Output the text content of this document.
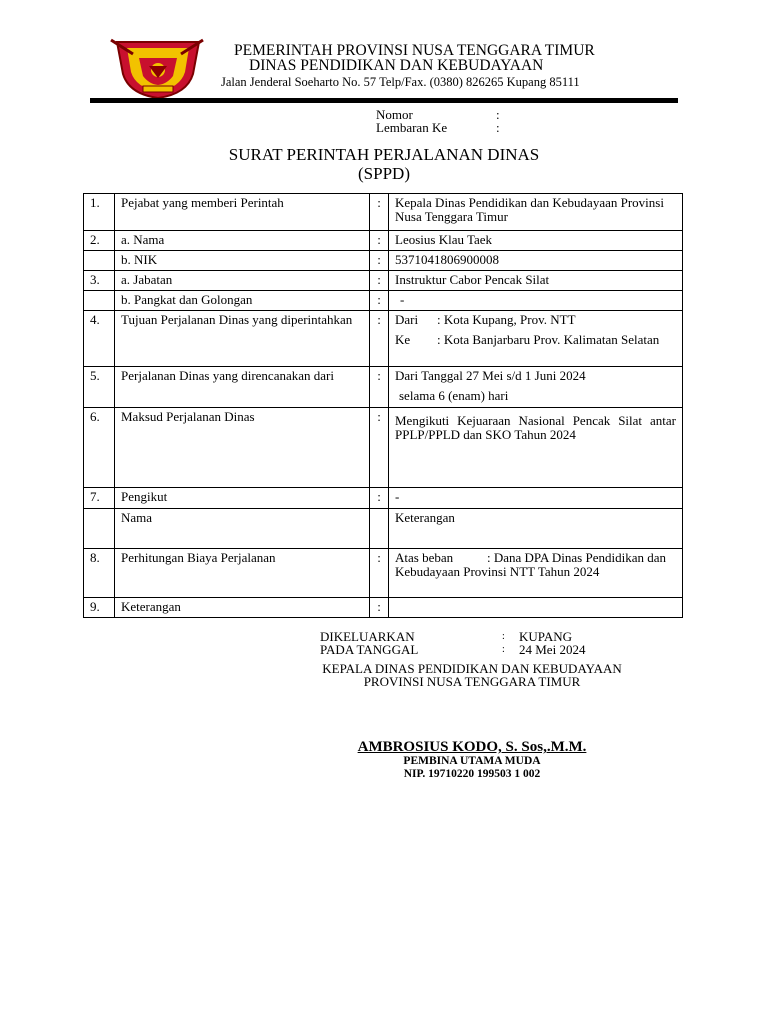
PEMERINTAH PROVINSI NUSA TENGGARA TIMUR
DINAS PENDIDIKAN DAN KEBUDAYAAN
Jalan Jenderal Soeharto No. 57 Telp/Fax. (0380) 826265 Kupang 85111
Nomor	:
Lembaran Ke	:
SURAT PERINTAH PERJALANAN DINAS
(SPPD)
1.	Pejabat yang memberi Perintah	:	Kepala Dinas Pendidikan dan Kebudayaan Provinsi Nusa Tenggara Timur
2.	a. Nama	:	Leosius Klau Taek
	b. NIK	:	5371041806900008
3.	a. Jabatan	:	Instruktur Cabor Pencak Silat
	b. Pangkat dan Golongan	:	-
4.	Tujuan Perjalanan Dinas yang diperintahkan	:	Dari : Kota Kupang, Prov. NTT
Ke : Kota Banjarbaru Prov. Kalimatan Selatan

5.	Perjalanan Dinas yang direncanakan dari	:	Dari Tanggal 27 Mei s/d 1 Juni 2024
selama 6 (enam) hari

6.	Maksud Perjalanan Dinas	:	Mengikuti Kejuaraan Nasional Pencak Silat antar PPLP/PPLD dan SKO Tahun 2024

7.	Pengikut	:	-
	Nama		Keterangan
8.	Perhitungan Biaya Perjalanan	:	Atas beban : Dana DPA Dinas Pendidikan dan Kebudayaan Provinsi NTT Tahun 2024
9.	Keterangan	:	
DIKELUARKAN	: KUPANG
PADA TANGGAL	: 24 Mei 2024
KEPALA DINAS PENDIDIKAN DAN KEBUDAYAAN
PROVINSI NUSA TENGGARA TIMUR
AMBROSIUS KODO, S. Sos,.M.M.
PEMBINA UTAMA MUDA
NIP. 19710220 199503 1 002
